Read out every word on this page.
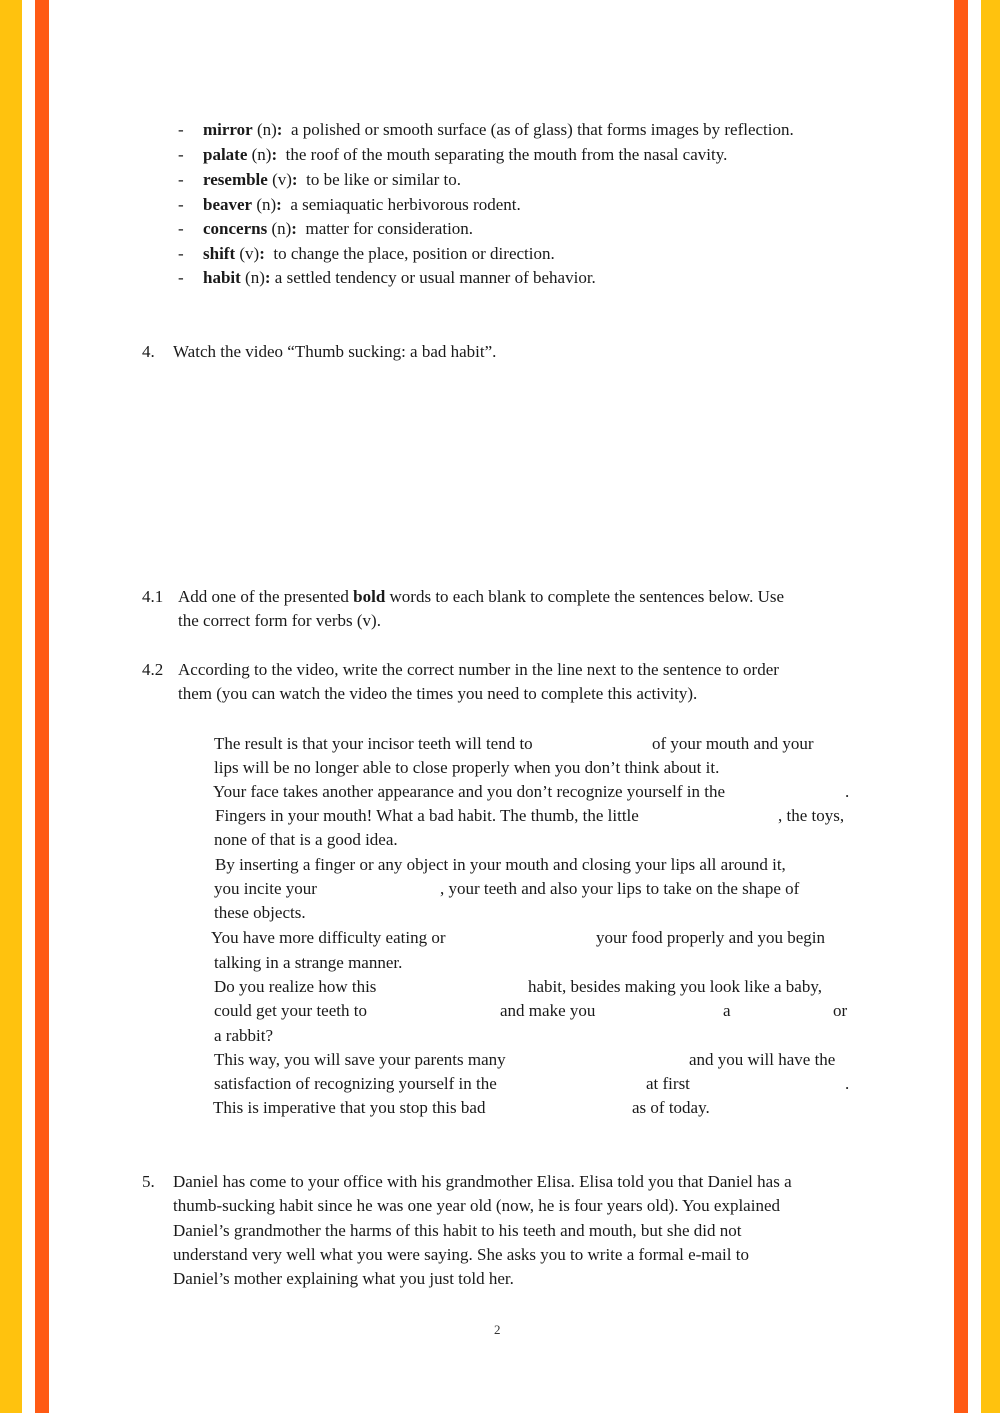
- mirror (n): a polished or smooth surface (as of glass) that forms images by reflection.
- palate (n): the roof of the mouth separating the mouth from the nasal cavity.
- resemble (v): to be like or similar to.
- beaver (n): a semiaquatic herbivorous rodent.
- concerns (n): matter for consideration.
- shift (v): to change the place, position or direction.
- habit (n): a settled tendency or usual manner of behavior.
4. Watch the video “Thumb sucking: a bad habit”.
4.1 Add one of the presented bold words to each blank to complete the sentences below. Use
the correct form for verbs (v).
4.2 According to the video, write the correct number in the line next to the sentence to order
them (you can watch the video the times you need to complete this activity).
The result is that your incisor teeth will tend to	of your mouth and your
lips will be no longer able to close properly when you don’t think about it.
Your face takes another appearance and you don’t recognize yourself in the	.
Fingers in your mouth! What a bad habit. The thumb, the little	, the toys,
none of that is a good idea.
By inserting a finger or any object in your mouth and closing your lips all around it,
you incite your	, your teeth and also your lips to take on the shape of
these objects.
You have more difficulty eating or	your food properly and you begin
talking in a strange manner.
Do you realize how this	habit, besides making you look like a baby,
could get your teeth to	and make you	a	or
a rabbit?
This way, you will save your parents many	and you will have the
satisfaction of recognizing yourself in the	at first	.
This is imperative that you stop this bad	as of today.
5. Daniel has come to your office with his grandmother Elisa. Elisa told you that Daniel has a
thumb-sucking habit since he was one year old (now, he is four years old). You explained
Daniel’s grandmother the harms of this habit to his teeth and mouth, but she did not
understand very well what you were saying. She asks you to write a formal e-mail to
Daniel’s mother explaining what you just told her.
2
